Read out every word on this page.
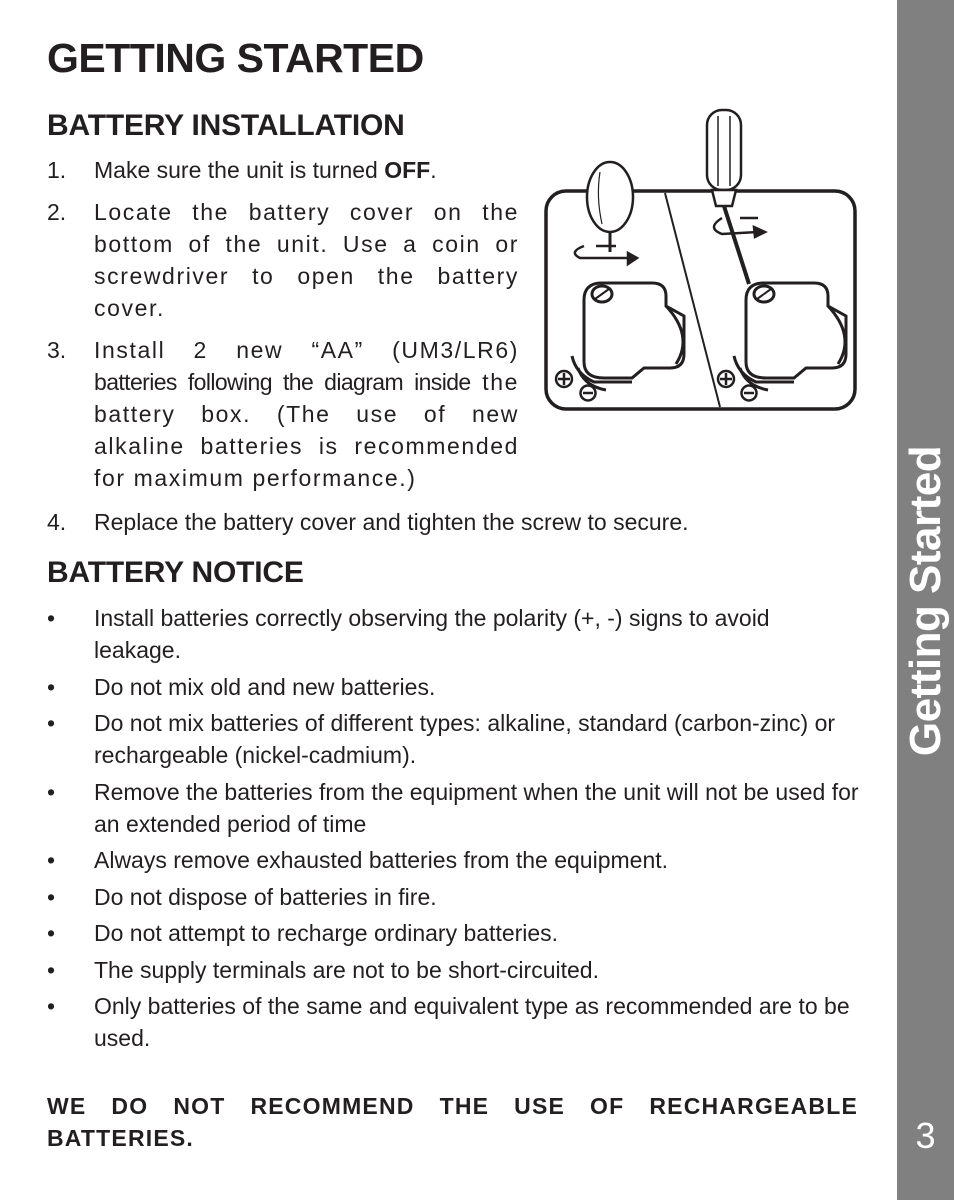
GETTING STARTED
BATTERY INSTALLATION
1. Make sure the unit is turned OFF.
2. Locate the battery cover on the bottom of the unit. Use a coin or screwdriver to open the battery cover.
3. Install 2 new “AA” (UM3/LR6) batteries following the diagram inside the battery box. (The use of new alkaline batteries is recommended for maximum performance.)
4. Replace the battery cover and tighten the screw to secure.
BATTERY NOTICE
• Install batteries correctly observing the polarity (+, -) signs to avoid leakage.
• Do not mix old and new batteries.
• Do not mix batteries of different types: alkaline, standard (carbon-zinc) or rechargeable (nickel-cadmium).
• Remove the batteries from the equipment when the unit will not be used for an extended period of time
• Always remove exhausted batteries from the equipment.
• Do not dispose of batteries in fire.
• Do not attempt to recharge ordinary batteries.
• The supply terminals are not to be short-circuited.
• Only batteries of the same and equivalent type as recommended are to be used.

WE DO NOT RECOMMEND THE USE OF RECHARGEABLE BATTERIES.

Getting Started
3
